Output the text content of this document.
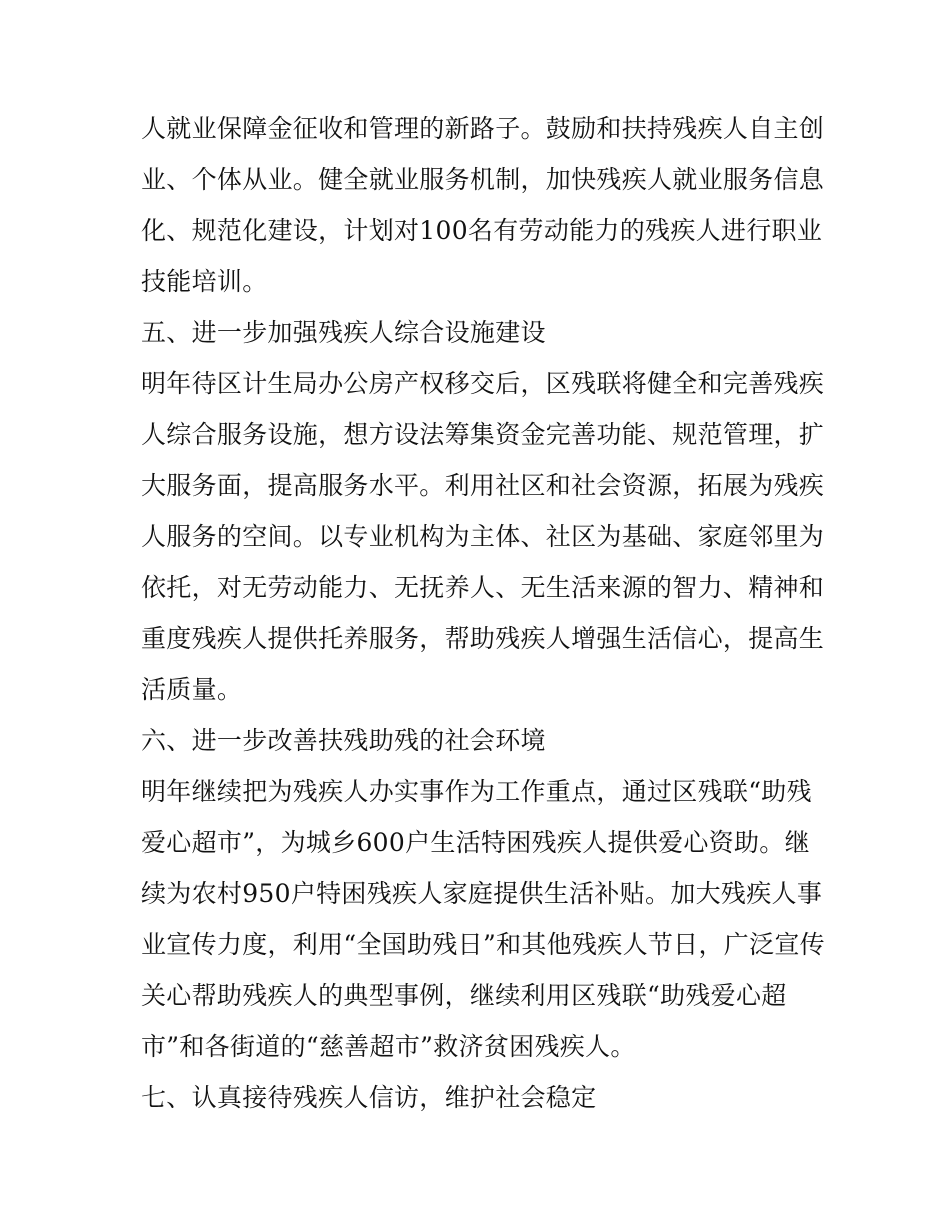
人就业保障金征收和管理的新路子。鼓励和扶持残疾人自主创
业、个体从业。健全就业服务机制，加快残疾人就业服务信息
化、规范化建设，计划对100名有劳动能力的残疾人进行职业
技能培训。
五、进一步加强残疾人综合设施建设
明年待区计生局办公房产权移交后，区残联将健全和完善残疾
人综合服务设施，想方设法筹集资金完善功能、规范管理，扩
大服务面，提高服务水平。利用社区和社会资源，拓展为残疾
人服务的空间。以专业机构为主体、社区为基础、家庭邻里为
依托，对无劳动能力、无抚养人、无生活来源的智力、精神和
重度残疾人提供托养服务，帮助残疾人增强生活信心，提高生
活质量。
六、进一步改善扶残助残的社会环境
明年继续把为残疾人办实事作为工作重点，通过区残联“助残
爱心超市”，为城乡600户生活特困残疾人提供爱心资助。继
续为农村950户特困残疾人家庭提供生活补贴。加大残疾人事
业宣传力度，利用“全国助残日”和其他残疾人节日，广泛宣传
关心帮助残疾人的典型事例，继续利用区残联“助残爱心超
市”和各街道的“慈善超市”救济贫困残疾人。
七、认真接待残疾人信访，维护社会稳定
